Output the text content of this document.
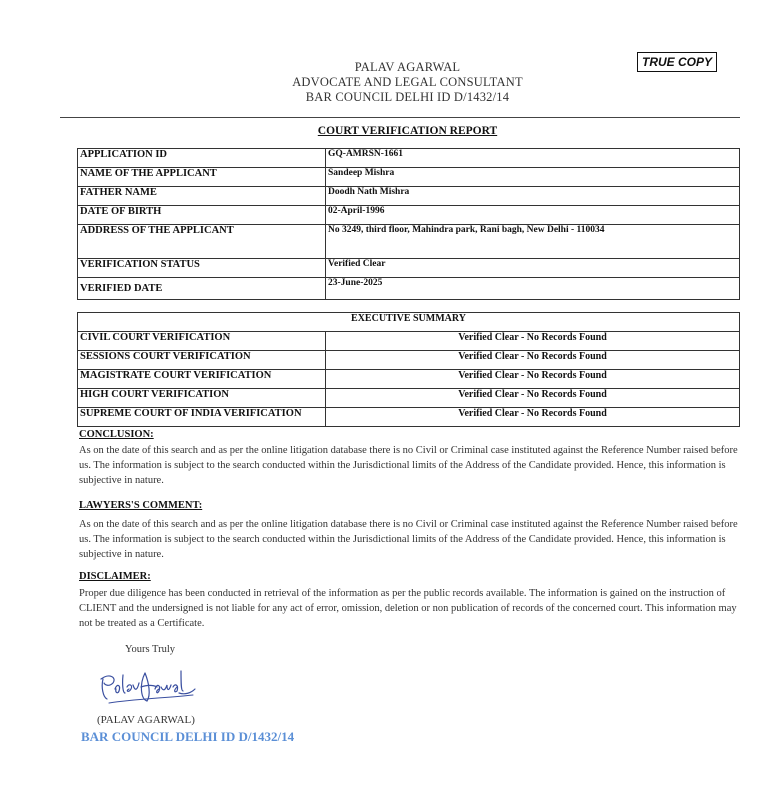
TRUE COPY
PALAV AGARWAL
ADVOCATE AND LEGAL CONSULTANT
BAR COUNCIL DELHI ID D/1432/14
COURT VERIFICATION REPORT
APPLICATION ID	GQ-AMRSN-1661
NAME OF THE APPLICANT	Sandeep Mishra
FATHER NAME	Doodh Nath Mishra
DATE OF BIRTH	02-April-1996
ADDRESS OF THE APPLICANT	No 3249, third floor, Mahindra park, Rani bagh, New Delhi - 110034
VERIFICATION STATUS	Verified Clear
VERIFIED DATE	23-June-2025
EXECUTIVE SUMMARY	
CIVIL COURT VERIFICATION	Verified Clear - No Records Found
SESSIONS COURT VERIFICATION	Verified Clear - No Records Found
MAGISTRATE COURT VERIFICATION	Verified Clear - No Records Found
HIGH COURT VERIFICATION	Verified Clear - No Records Found
SUPREME COURT OF INDIA VERIFICATION	Verified Clear - No Records Found
CONCLUSION:
As on the date of this search and as per the online litigation database there is no Civil or Criminal case instituted against the Reference Number raised before us. The information is subject to the search conducted within the Jurisdictional limits of the Address of the Candidate provided. Hence, this information is subjective in nature.
LAWYERS'S COMMENT:
As on the date of this search and as per the online litigation database there is no Civil or Criminal case instituted against the Reference Number raised before us. The information is subject to the search conducted within the Jurisdictional limits of the Address of the Candidate provided. Hence, this information is subjective in nature.
DISCLAIMER:
Proper due diligence has been conducted in retrieval of the information as per the public records available. The information is gained on the instruction of CLIENT and the undersigned is not liable for any act of error, omission, deletion or non publication of records of the concerned court. This information may not be treated as a Certificate.
Yours Truly
(PALAV AGARWAL)
BAR COUNCIL DELHI ID D/1432/14
